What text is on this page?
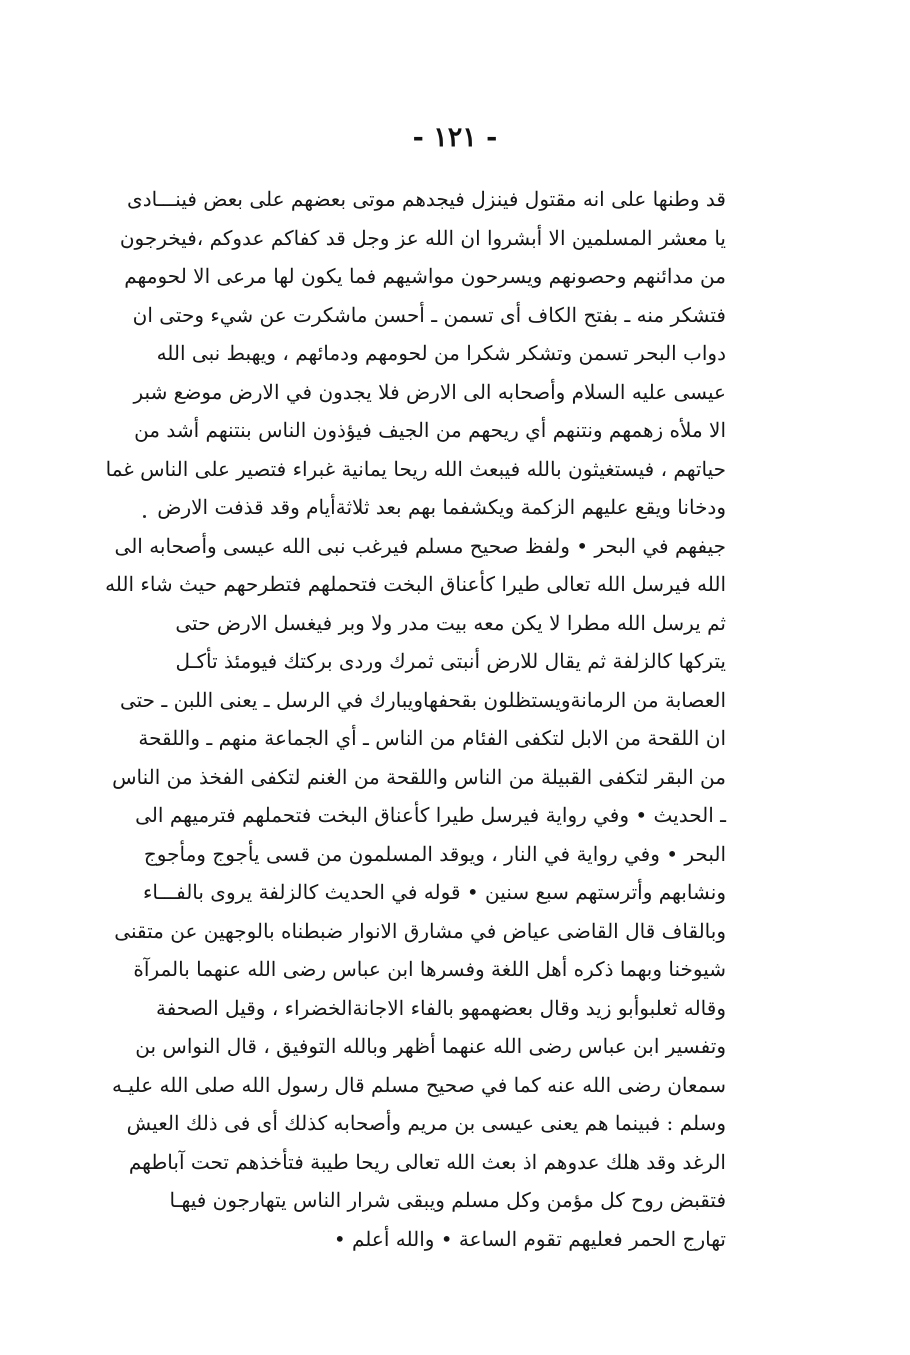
- ١٢١ -
قد وطنها على انه مقتول فينزل فيجدهم موتى بعضهم على بعض فينـــادى
يا معشر المسلمين الا أبشروا ان الله عز وجل قد كفاكم عدوكم ،فيخرجون
من مدائنهم وحصونهم ويسرحون مواشيهم فما يكون لها مرعى الا لحومهم
فتشكر منه ـ بفتح الكاف أى تسمن ـ أحسن ماشكرت عن شيء وحتى ان
دواب البحر تسمن وتشكر شكرا من لحومهم ودمائهم ، ويهبط نبى الله
عيسى عليه السلام وأصحابه الى الارض فلا يجدون في الارض موضع شبر
الا ملأه زهمهم ونتنهم أي ريحهم من الجيف فيؤذون الناس بنتنهم أشد من
حياتهم ، فيستغيثون بالله فيبعث الله ريحا يمانية غبراء فتصير على الناس غما
ودخانا ويقع عليهم الزكمة ويكشفما بهم بعد ثلاثةأيام وقد قذفت الارض
جيفهم في البحر • ولفظ صحيح مسلم فيرغب نبى الله عيسى وأصحابه الى
الله فيرسل الله تعالى طيرا كأعناق البخت فتحملهم فتطرحهم حيث شاء الله
ثم يرسل الله مطرا لا يكن معه بيت مدر ولا وبر فيغسل الارض حتى
يتركها كالزلفة ثم يقال للارض أنبتى ثمرك وردى بركتك فيومئذ تأكـل
العصابة من الرمانةويستظلون بقحفهاويبارك في الرسل ـ يعنى اللبن ـ حتى
ان اللقحة من الابل لتكفى الفئام من الناس ـ أي الجماعة منهم ـ واللقحة
من البقر لتكفى القبيلة من الناس واللقحة من الغنم لتكفى الفخذ من الناس
ـ الحديث • وفي رواية فيرسل طيرا كأعناق البخت فتحملهم فترميهم الى
البحر • وفي رواية في النار ، ويوقد المسلمون من قسى يأجوج ومأجوج
ونشابهم وأترستهم سبع سنين • قوله في الحديث كالزلفة يروى بالفـــاء
وبالقاف قال القاضى عياض في مشارق الانوار ضبطناه بالوجهين عن متقنى
شيوخنا وبهما ذكره أهل اللغة وفسرها ابن عباس رضى الله عنهما بالمرآة
وقاله ثعلبوأبو زيد وقال بعضهمهو بالفاء الاجانةالخضراء ، وقيل الصحفة
وتفسير ابن عباس رضى الله عنهما أظهر وبالله التوفيق ، قال النواس بن
سمعان رضى الله عنه كما في صحيح مسلم قال رسول الله صلى الله عليـه
وسلم : فبينما هم يعنى عيسى بن مريم وأصحابه كذلك أى فى ذلك العيش
الرغد وقد هلك عدوهم اذ بعث الله تعالى ريحا طيبة فتأخذهم تحت آباطهم
فتقبض روح كل مؤمن وكل مسلم ويبقى شرار الناس يتهارجون فيهـا
تهارج الحمر فعليهم تقوم الساعة • والله أعلم •
